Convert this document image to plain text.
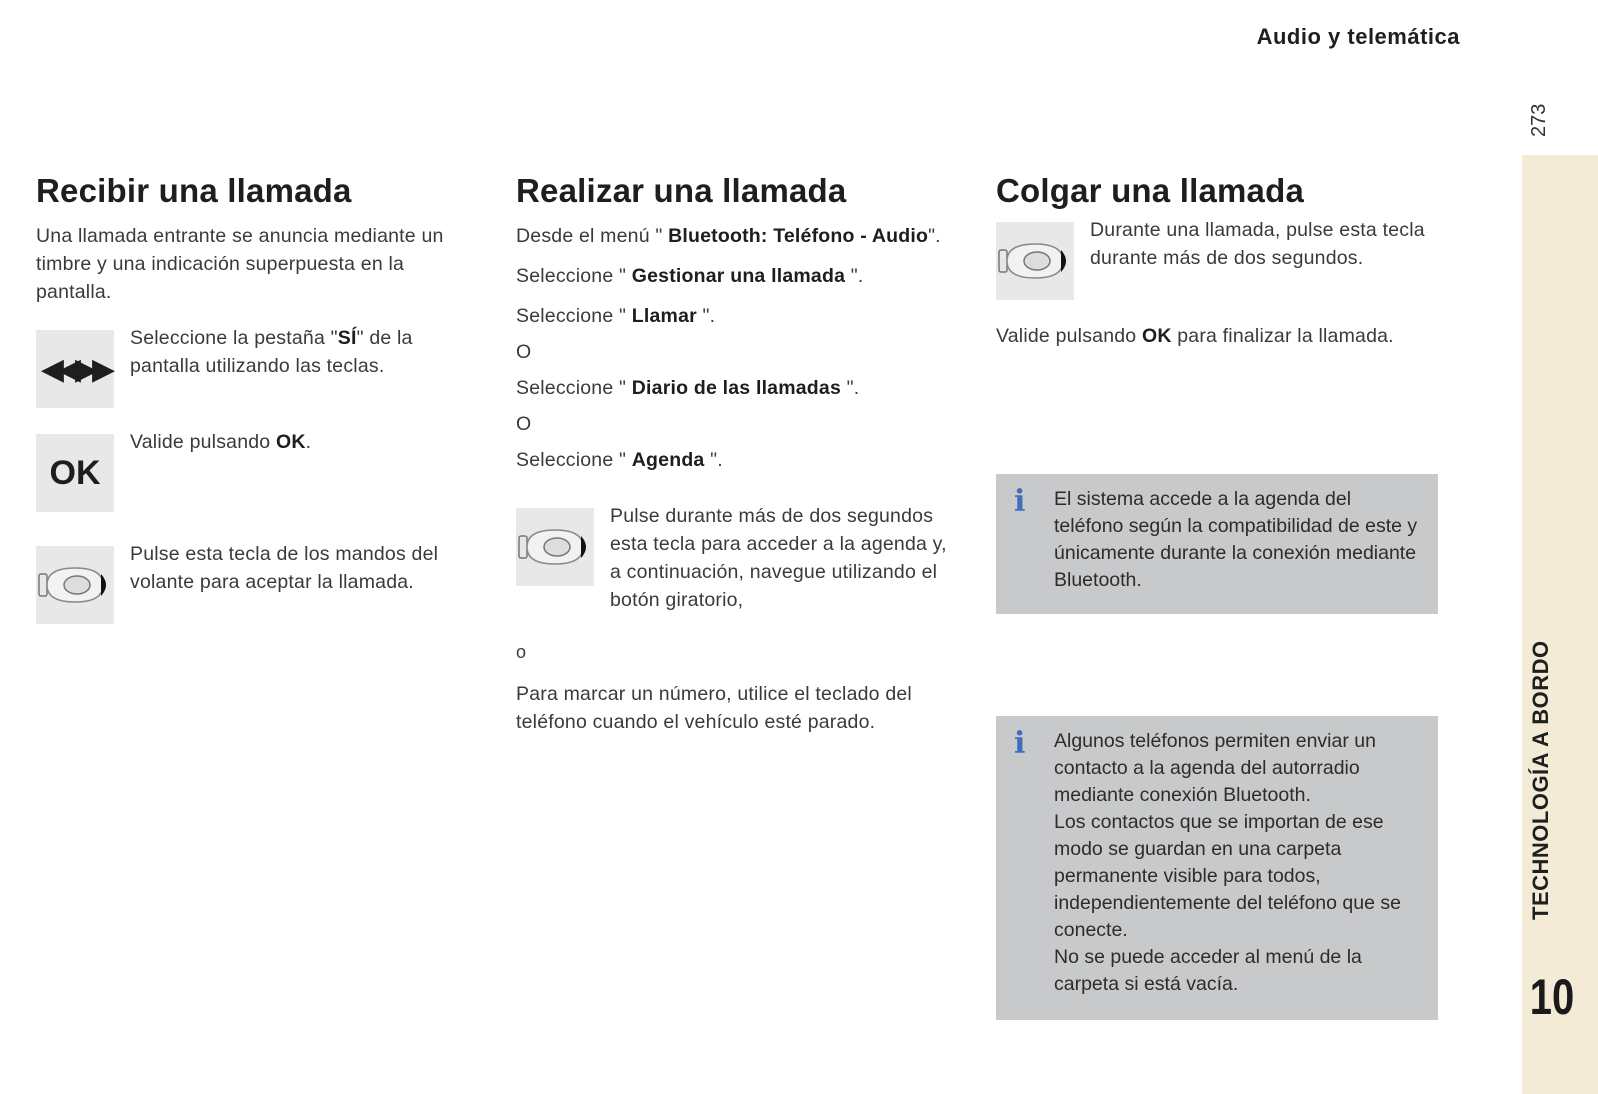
Audio y telemática
273
TECHNOLOGÍA A BORDO
10
Recibir una llamada

Una llamada entrante se anuncia mediante un timbre y una indicación superpuesta en la pantalla.

◀◀▶▶

Seleccione la pestaña "SÍ" de la pantalla utilizando las teclas.

OK

Valide pulsando OK.

Pulse esta tecla de los mandos del volante para aceptar la llamada.

Realizar una llamada

Desde el menú " Bluetooth: Teléfono - Audio".

Seleccione " Gestionar una llamada ".

Seleccione " Llamar ".

O

Seleccione " Diario de las llamadas ".

O

Seleccione " Agenda ".

Pulse durante más de dos segundos esta tecla para acceder a la agenda y, a continuación, navegue utilizando el botón giratorio,

o

Para marcar un número, utilice el teclado del teléfono cuando el vehículo esté parado.

Colgar una llamada

Durante una llamada, pulse esta tecla durante más de dos segundos.

Valide pulsando OK para finalizar la llamada.

i	El sistema accede a la agenda del teléfono según la compatibilidad de este y únicamente durante la conexión mediante Bluetooth.

i	Algunos teléfonos permiten enviar un contacto a la agenda del autorradio mediante conexión Bluetooth.

Los contactos que se importan de ese modo se guardan en una carpeta permanente visible para todos, independientemente del teléfono que se conecte.

No se puede acceder al menú de la carpeta si está vacía.
